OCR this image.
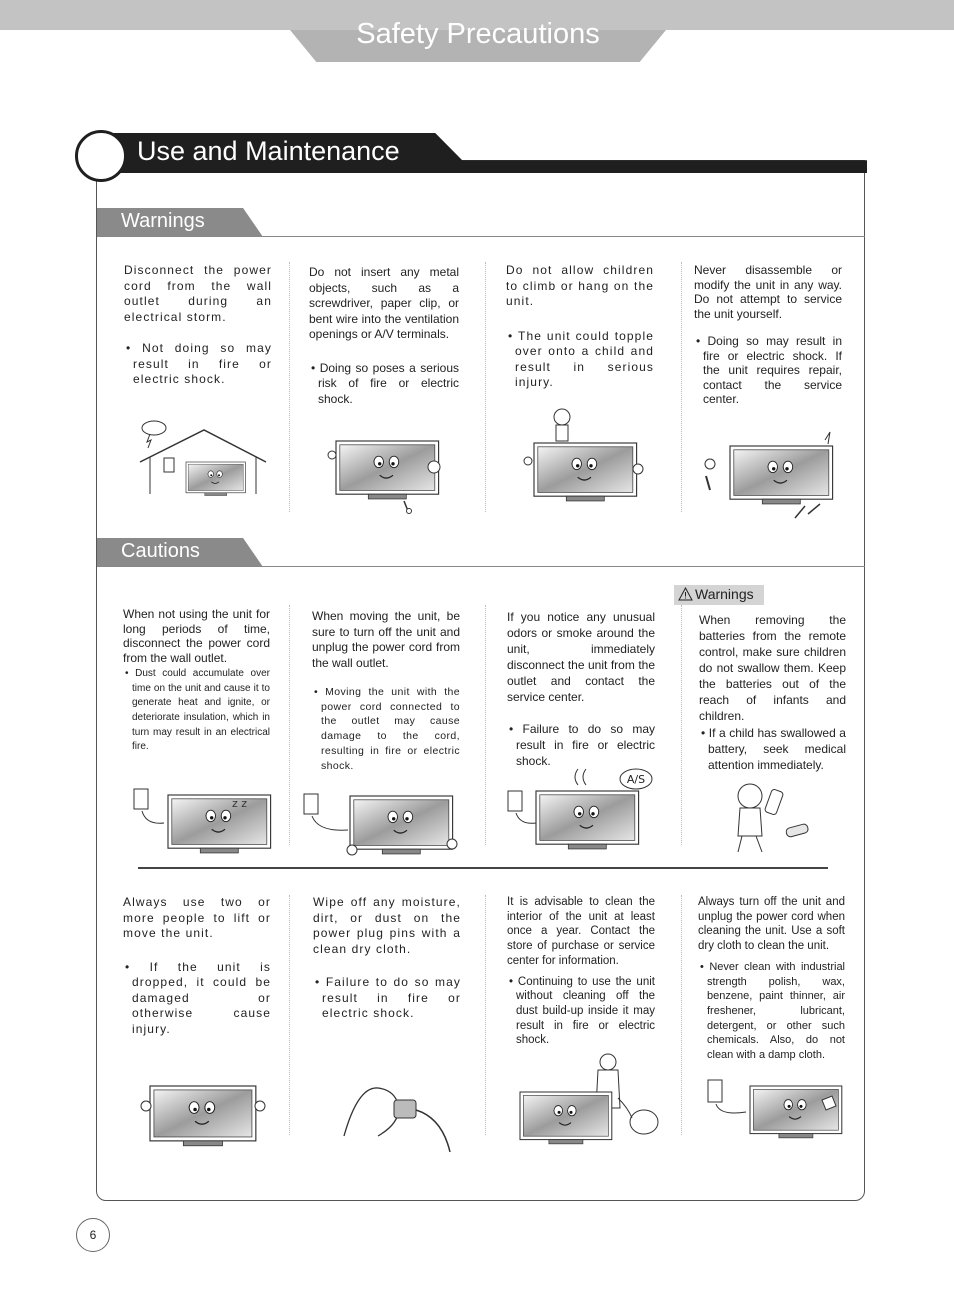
Safety Precautions
Use and Maintenance
Warnings
Cautions

Disconnect the power cord from the wall outlet during an electrical storm.

• Not doing so may result in fire or electric shock.

Do not insert any metal objects, such as a screwdriver, paper clip, or bent wire into the ventilation openings or A/V terminals.

• Doing so poses a serious risk of fire or electric shock.

Do not allow children to climb or hang on the unit.

• The unit could topple over onto a child and result in serious injury.

Never disassemble or modify the unit in any way. Do not attempt to service the unit yourself.

• Doing so may result in fire or electric shock. If the unit requires repair, contact the service center.

When not using the unit for long periods of time, disconnect the power cord from the wall outlet.

• Dust could accumulate over time on the unit and cause it to generate heat and ignite, or deteriorate insulation, which in turn may result in an electrical fire.

When moving the unit, be sure to turn off the unit and unplug the power cord from the wall outlet.

• Moving the unit with the power cord connected to the outlet may cause damage to the cord, resulting in fire or electric shock.

If you notice any unusual odors or smoke around the unit, immediately disconnect the unit from the outlet and contact the service center.

• Failure to do so may result in fire or electric shock.

Warnings

When removing the batteries from the remote control, make sure children do not swallow them. Keep the batteries out of the reach of infants and children.

• If a child has swallowed a battery, seek medical attention immediately.

Always use two or more people to lift or move the unit.

• If the unit is dropped, it could be damaged or otherwise cause injury.

Wipe off any moisture, dirt, or dust on the power plug pins with a clean dry cloth.

• Failure to do so may result in fire or electric shock.

It is advisable to clean the interior of the unit at least once a year. Contact the store of purchase or service center for information.

• Continuing to use the unit without cleaning off the dust build-up inside it may result in fire or electric shock.

Always turn off the unit and unplug the power cord when cleaning the unit. Use a soft dry cloth to clean the unit.

• Never clean with industrial strength polish, wax, benzene, paint thinner, air freshener, lubricant, detergent, or other such chemicals. Also, do not clean with a damp cloth.

z z
A/S
6
